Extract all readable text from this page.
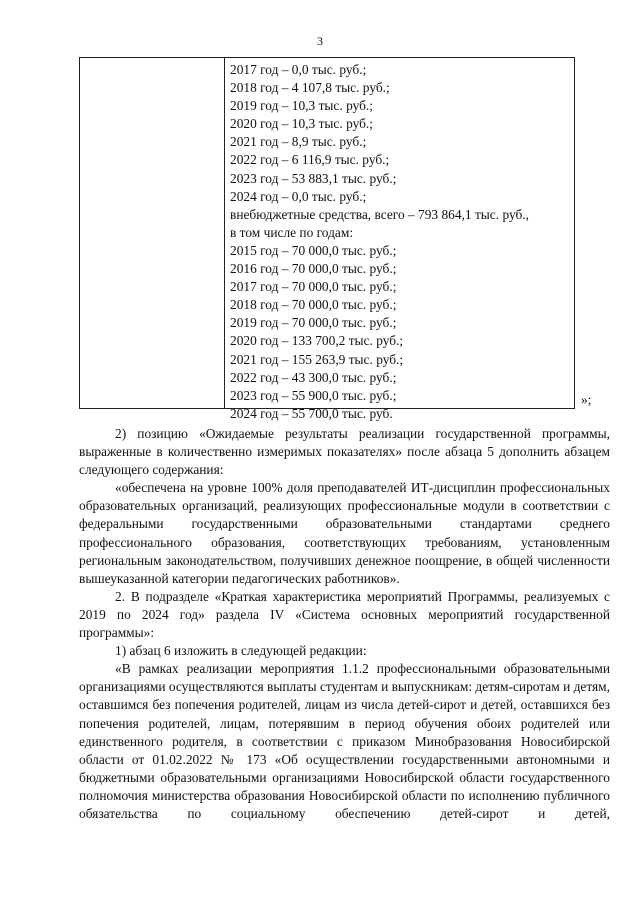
3
2017 год – 0,0 тыс. руб.;
2018 год – 4 107,8 тыс. руб.;
2019 год – 10,3 тыс. руб.;
2020 год – 10,3 тыс. руб.;
2021 год – 8,9 тыс. руб.;
2022 год – 6 116,9 тыс. руб.;
2023 год – 53 883,1 тыс. руб.;
2024 год – 0,0 тыс. руб.;
внебюджетные средства, всего – 793 864,1 тыс. руб.,
в том числе по годам:
2015 год – 70 000,0 тыс. руб.;
2016 год – 70 000,0 тыс. руб.;
2017 год – 70 000,0 тыс. руб.;
2018 год – 70 000,0 тыс. руб.;
2019 год – 70 000,0 тыс. руб.;
2020 год – 133 700,2 тыс. руб.;
2021 год – 155 263,9 тыс. руб.;
2022 год – 43 300,0 тыс. руб.;
2023 год – 55 900,0 тыс. руб.;
2024 год – 55 700,0 тыс. руб.
»;
2) позицию «Ожидаемые результаты реализации государственной программы, выраженные в количественно измеримых показателях» после абзаца 5 дополнить абзацем следующего содержания:
«обеспечена на уровне 100% доля преподавателей ИТ-дисциплин профессиональных образовательных организаций, реализующих профессиональные модули в соответствии с федеральными государственными образовательными стандартами среднего профессионального образования, соответствующих требованиям, установленным региональным законодательством, получивших денежное поощрение, в общей численности вышеуказанной категории педагогических работников».
2. В подразделе «Краткая характеристика мероприятий Программы, реализуемых с 2019 по 2024 год» раздела IV «Система основных мероприятий государственной программы»:
1) абзац 6 изложить в следующей редакции:
«В рамках реализации мероприятия 1.1.2 профессиональными образовательными организациями осуществляются выплаты студентам и выпускникам: детям-сиротам и детям, оставшимся без попечения родителей, лицам из числа детей-сирот и детей, оставшихся без попечения родителей, лицам, потерявшим в период обучения обоих родителей или единственного родителя, в соответствии с приказом Минобразования Новосибирской области от 01.02.2022 № 173 «Об осуществлении государственными автономными и бюджетными образовательными организациями Новосибирской области государственного полномочия министерства образования Новосибирской области по исполнению публичного обязательства по социальному обеспечению детей-сирот и детей,
